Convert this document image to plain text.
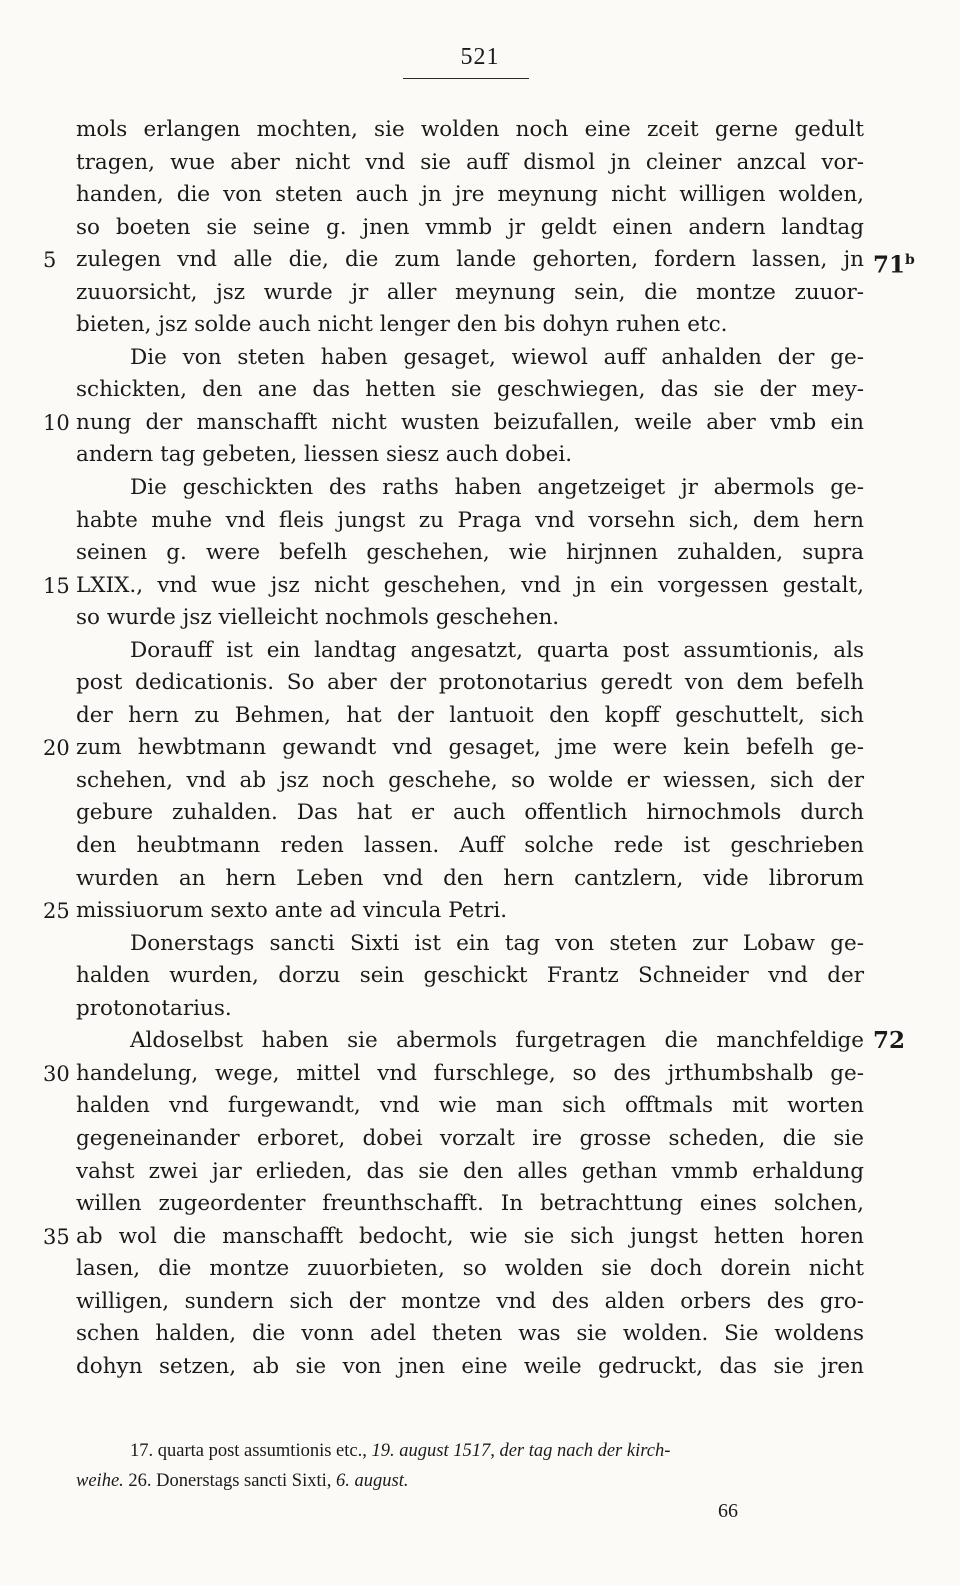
521
mols erlangen mochten, sie wolden noch eine zceit gerne gedult
tragen, wue aber nicht vnd sie auff dismol jn cleiner anzcal vor-
handen, die von steten auch jn jre meynung nicht willigen wolden,
so boeten sie seine g. jnen vmmb jr geldt einen andern landtag
5 zulegen vnd alle die, die zum lande gehorten, fordern lassen, jn 71$^b$
zuuorsicht, jsz wurde jr aller meynung sein, die montze zuuor-
bieten, jsz solde auch nicht lenger den bis dohyn ruhen etc.
Die von steten haben gesaget, wiewol auff anhalden der ge-
schickten, den ane das hetten sie geschwiegen, das sie der mey-
10 nung der manschafft nicht wusten beizufallen, weile aber vmb ein
andern tag gebeten, liessen siesz auch dobei.
Die geschickten des raths haben angetzeiget jr abermols ge-
habte muhe vnd fleis jungst zu Praga vnd vorsehn sich, dem hern
seinen g. were befelh geschehen, wie hirjnnen zuhalden, supra
15 LXIX., vnd wue jsz nicht geschehen, vnd jn ein vorgessen gestalt,
so wurde jsz vielleicht nochmols geschehen.
Dorauff ist ein landtag angesatzt, quarta post assumtionis, als
post dedicationis. So aber der protonotarius geredt von dem befelh
der hern zu Behmen, hat der lantuoit den kopff geschuttelt, sich
20 zum hewbtmann gewandt vnd gesaget, jme were kein befelh ge-
schehen, vnd ab jsz noch geschehe, so wolde er wiessen, sich der
gebure zuhalden. Das hat er auch offentlich hirnochmols durch
den heubtmann reden lassen. Auff solche rede ist geschrieben
wurden an hern Leben vnd den hern cantzlern, vide librorum
25 missiuorum sexto ante ad vincula Petri.
Donerstags sancti Sixti ist ein tag von steten zur Lobaw ge-
halden wurden, dorzu sein geschickt Frantz Schneider vnd der
protonotarius.
Aldoselbst haben sie abermols furgetragen die manchfeldige 72
30 handelung, wege, mittel vnd furschlege, so des jrthumbshalb ge-
halden vnd furgewandt, vnd wie man sich offtmals mit worten
gegeneinander erboret, dobei vorzalt ire grosse scheden, die sie
vahst zwei jar erlieden, das sie den alles gethan vmmb erhaldung
willen zugeordenter freunthschafft. In betrachttung eines solchen,
35 ab wol die manschafft bedocht, wie sie sich jungst hetten horen
lasen, die montze zuuorbieten, so wolden sie doch dorein nicht
willigen, sundern sich der montze vnd des alden orbers des gro-
schen halden, die vonn adel theten was sie wolden. Sie woldens
dohyn setzen, ab sie von jnen eine weile gedruckt, das sie jren
17. quarta post assumtionis etc., 19. august 1517, der tag nach der kirch-
weihe. 26. Donerstags sancti Sixti, 6. august.
66
